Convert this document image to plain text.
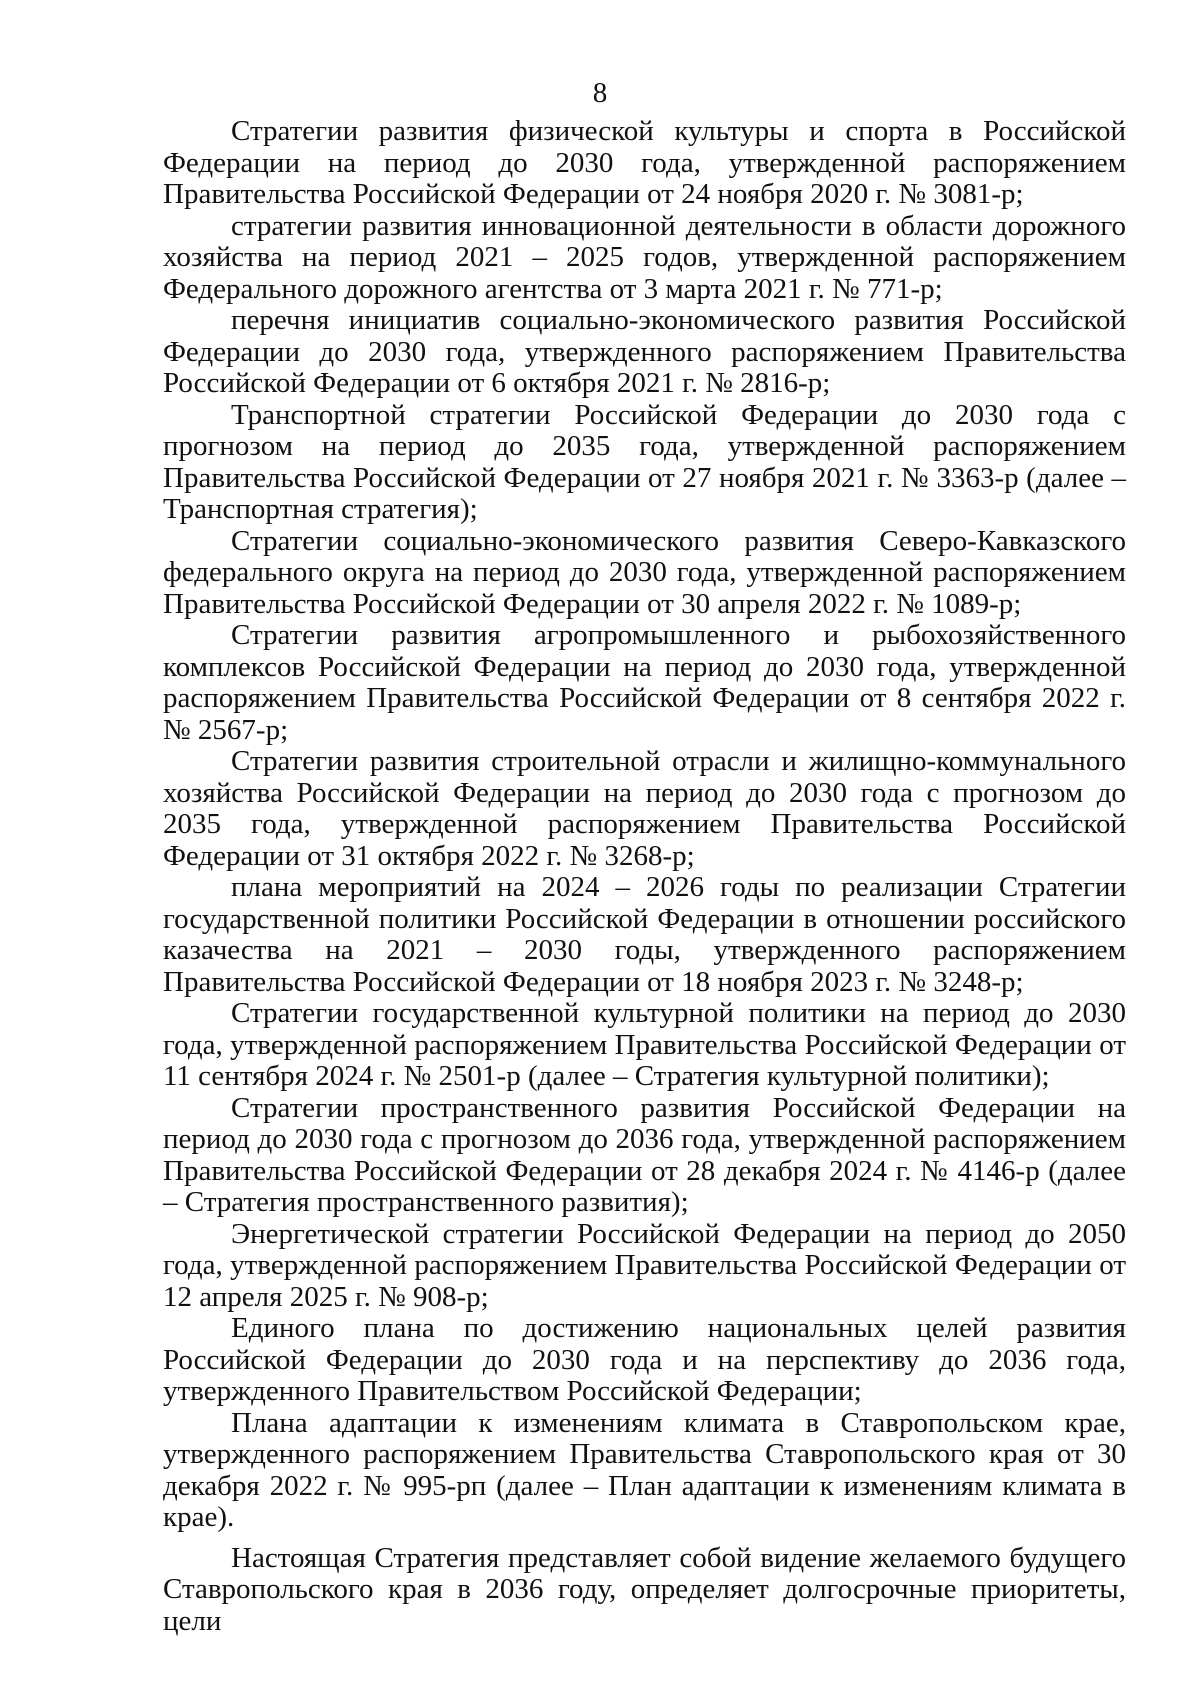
8

Стратегии развития физической культуры и спорта в Российской Федерации на период до 2030 года, утвержденной распоряжением Правительства Российской Федерации от 24 ноября 2020 г. № 3081-р;

стратегии развития инновационной деятельности в области дорожного хозяйства на период 2021 – 2025 годов, утвержденной распоряжением Федерального дорожного агентства от 3 марта 2021 г. № 771-р;

перечня инициатив социально-экономического развития Российской Федерации до 2030 года, утвержденного распоряжением Правительства Российской Федерации от 6 октября 2021 г. № 2816-р;

Транспортной стратегии Российской Федерации до 2030 года с прогнозом на период до 2035 года, утвержденной распоряжением Правительства Российской Федерации от 27 ноября 2021 г. № 3363-р (далее – Транспортная стратегия);

Стратегии социально-экономического развития Северо-Кавказского федерального округа на период до 2030 года, утвержденной распоряжением Правительства Российской Федерации от 30 апреля 2022 г. № 1089-р;

Стратегии развития агропромышленного и рыбохозяйственного комплексов Российской Федерации на период до 2030 года, утвержденной распоряжением Правительства Российской Федерации от 8 сентября 2022 г. № 2567-р;

Стратегии развития строительной отрасли и жилищно-коммунального хозяйства Российской Федерации на период до 2030 года с прогнозом до 2035 года, утвержденной распоряжением Правительства Российской Федерации от 31 октября 2022 г. № 3268-р;

плана мероприятий на 2024 – 2026 годы по реализации Стратегии государственной политики Российской Федерации в отношении российского казачества на 2021 – 2030 годы, утвержденного распоряжением Правительства Российской Федерации от 18 ноября 2023 г. № 3248-р;

Стратегии государственной культурной политики на период до 2030 года, утвержденной распоряжением Правительства Российской Федерации от 11 сентября 2024 г. № 2501-р (далее – Стратегия культурной политики);

Стратегии пространственного развития Российской Федерации на период до 2030 года с прогнозом до 2036 года, утвержденной распоряжением Правительства Российской Федерации от 28 декабря 2024 г. № 4146-р (далее – Стратегия пространственного развития);

Энергетической стратегии Российской Федерации на период до 2050 года, утвержденной распоряжением Правительства Российской Федерации от 12 апреля 2025 г. № 908-р;

Единого плана по достижению национальных целей развития Российской Федерации до 2030 года и на перспективу до 2036 года, утвержденного Правительством Российской Федерации;

Плана адаптации к изменениям климата в Ставропольском крае, утвержденного распоряжением Правительства Ставропольского края от 30 декабря 2022 г. № 995-рп (далее – План адаптации к изменениям климата в крае).

Настоящая Стратегия представляет собой видение желаемого будущего Ставропольского края в 2036 году, определяет долгосрочные приоритеты, цели
